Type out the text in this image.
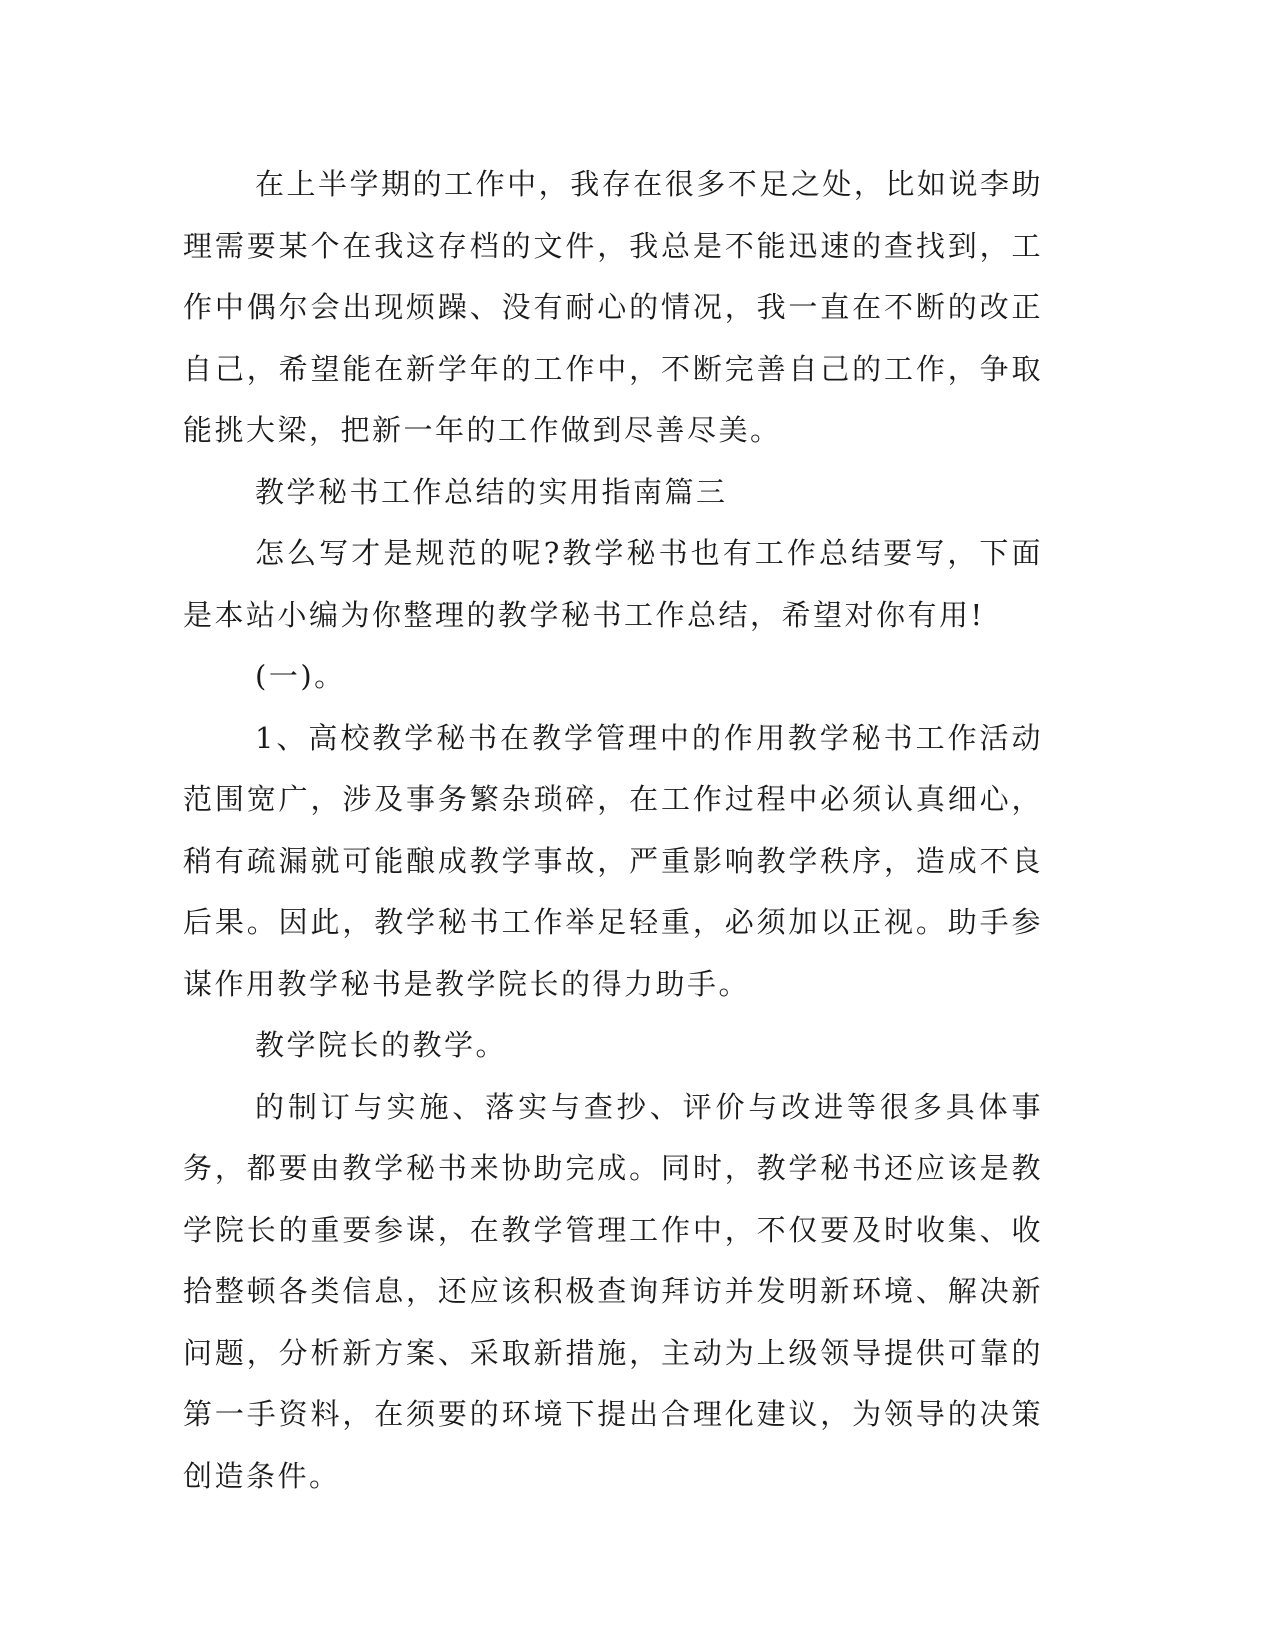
在上半学期的工作中，我存在很多不足之处，比如说李助理需要某个在我这存档的文件，我总是不能迅速的查找到，工作中偶尔会出现烦躁、没有耐心的情况，我一直在不断的改正自己，希望能在新学年的工作中，不断完善自己的工作，争取能挑大梁，把新一年的工作做到尽善尽美。

教学秘书工作总结的实用指南篇三

怎么写才是规范的呢?教学秘书也有工作总结要写，下面是本站小编为你整理的教学秘书工作总结，希望对你有用!

(一)。

1、高校教学秘书在教学管理中的作用教学秘书工作活动范围宽广，涉及事务繁杂琐碎，在工作过程中必须认真细心，稍有疏漏就可能酿成教学事故，严重影响教学秩序，造成不良后果。因此，教学秘书工作举足轻重，必须加以正视。助手参谋作用教学秘书是教学院长的得力助手。

教学院长的教学。

的制订与实施、落实与查抄、评价与改进等很多具体事务，都要由教学秘书来协助完成。同时，教学秘书还应该是教学院长的重要参谋，在教学管理工作中，不仅要及时收集、收拾整顿各类信息，还应该积极查询拜访并发明新环境、解决新问题，分析新方案、采取新措施，主动为上级领导提供可靠的第一手资料，在须要的环境下提出合理化建议，为领导的决策创造条件。
